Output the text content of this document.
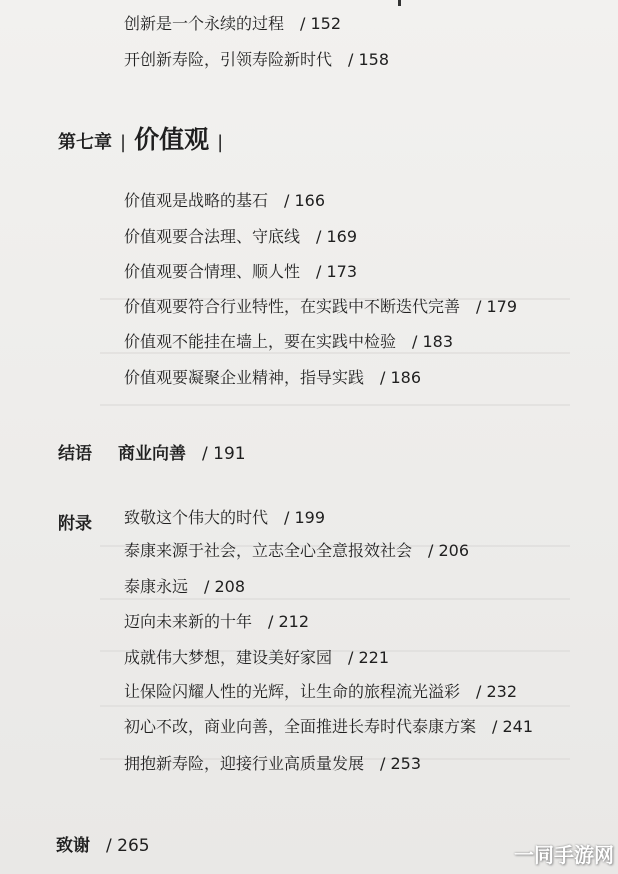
创新是一个永续的过程 / 152
开创新寿险，引领寿险新时代 / 158
第七章 | 价值观 |
价值观是战略的基石 / 166
价值观要合法理、守底线 / 169
价值观要合情理、顺人性 / 173
价值观要符合行业特性，在实践中不断迭代完善 / 179
价值观不能挂在墙上，要在实践中检验 / 183
价值观要凝聚企业精神，指导实践 / 186
结语 商业向善 / 191
附录 致敬这个伟大的时代 / 199
泰康来源于社会，立志全心全意报效社会 / 206
泰康永远 / 208
迈向未来新的十年 / 212
成就伟大梦想，建设美好家园 / 221
让保险闪耀人性的光辉，让生命的旅程流光溢彩 / 232
初心不改，商业向善，全面推进长寿时代泰康方案 / 241
拥抱新寿险，迎接行业高质量发展 / 253
致谢 / 265	一同手游网
